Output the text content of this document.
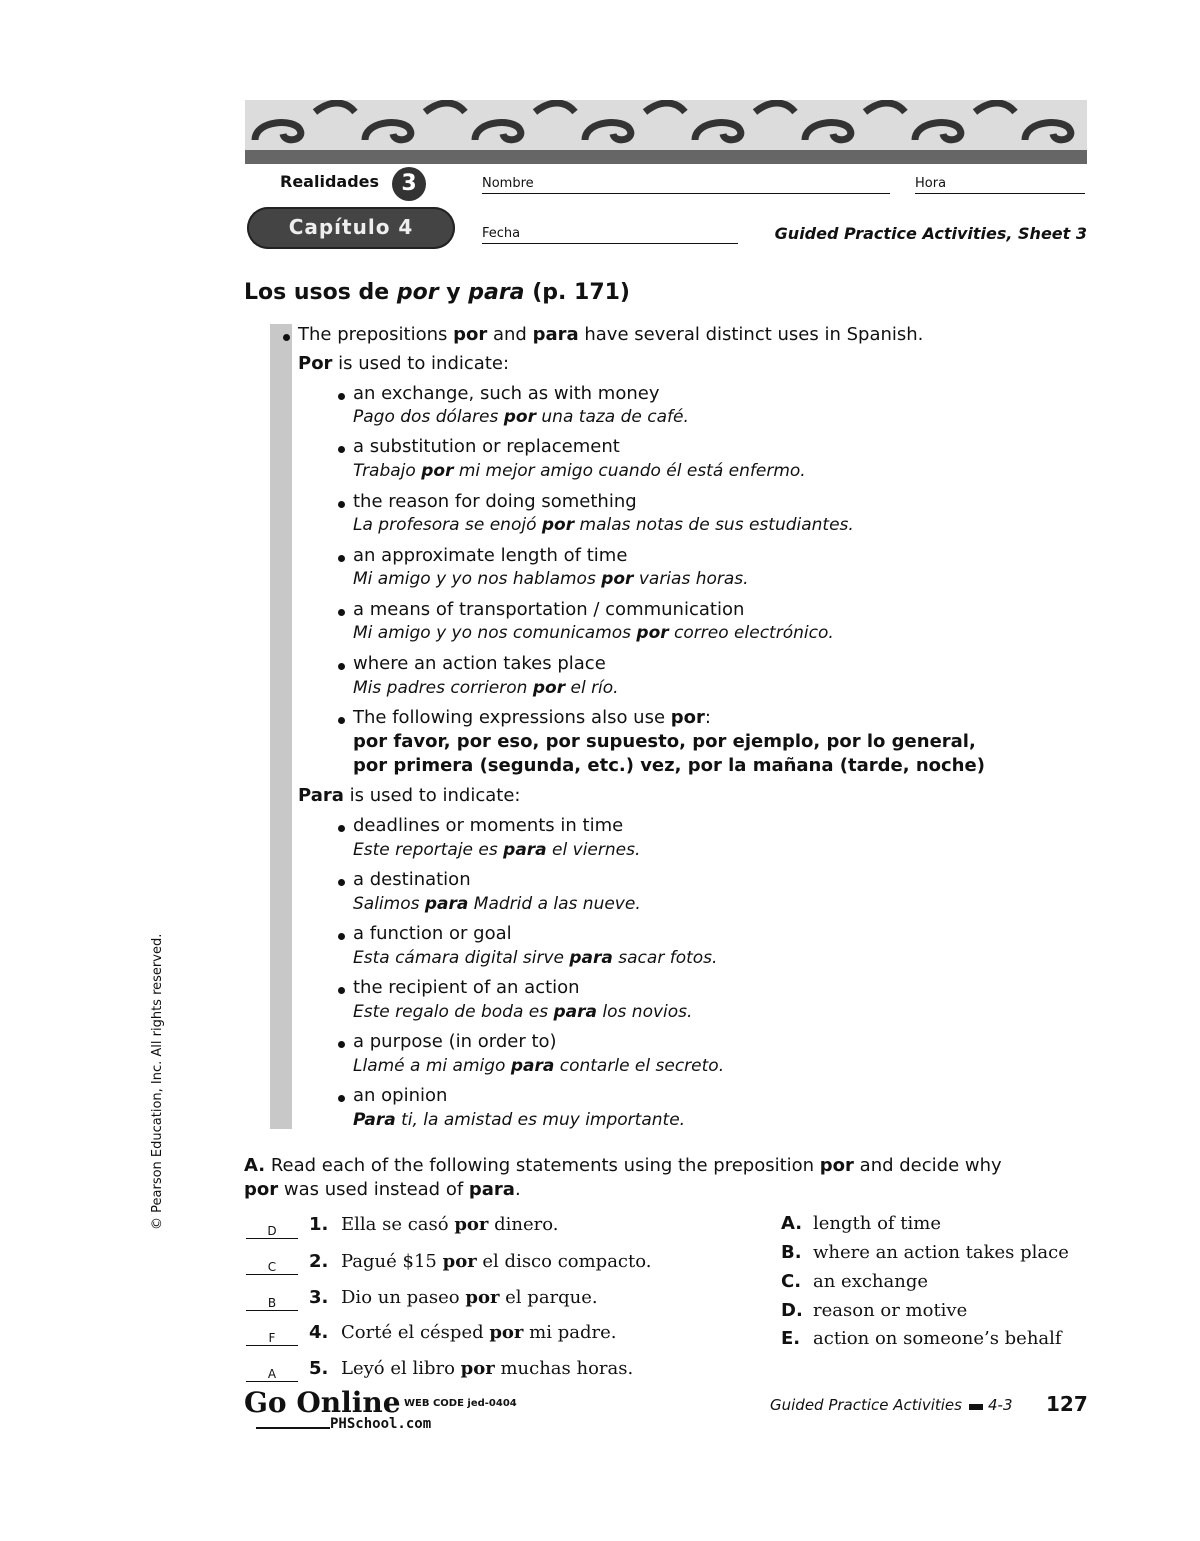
Realidades	3
Capítulo 4
Nombre	Hora
Fecha	Guided Practice Activities, Sheet 3
Los usos de por y para (p. 171)
The prepositions por and para have several distinct uses in Spanish.
Por is used to indicate:
an exchange, such as with money
Pago dos dólares por una taza de café.
a substitution or replacement
Trabajo por mi mejor amigo cuando él está enfermo.
the reason for doing something
La profesora se enojó por malas notas de sus estudiantes.
an approximate length of time
Mi amigo y yo nos hablamos por varias horas.
a means of transportation / communication
Mi amigo y yo nos comunicamos por correo electrónico.
where an action takes place
Mis padres corrieron por el río.
The following expressions also use por:
por favor, por eso, por supuesto, por ejemplo, por lo general,
por primera (segunda, etc.) vez, por la mañana (tarde, noche)
Para is used to indicate:
deadlines or moments in time
Este reportaje es para el viernes.
a destination
Salimos para Madrid a las nueve.
a function or goal
Esta cámara digital sirve para sacar fotos.
the recipient of an action
Este regalo de boda es para los novios.
a purpose (in order to)
Llamé a mi amigo para contarle el secreto.
an opinion
Para ti, la amistad es muy importante.
A. Read each of the following statements using the preposition por and decide why
por was used instead of para.
D	1. Ella se casó por dinero.
C	2. Pagué $15 por el disco compacto.
B	3. Dio un paseo por el parque.
F	4. Corté el césped por mi padre.
A	5. Leyó el libro por muchas horas.
A. length of time
B. where an action takes place
C. an exchange
D. reason or motive
E. action on someone’s behalf
© Pearson Education, Inc. All rights reserved.
Go Online WEB CODE jed-0404
PHSchool.com
Guided Practice Activities 4-3 127
